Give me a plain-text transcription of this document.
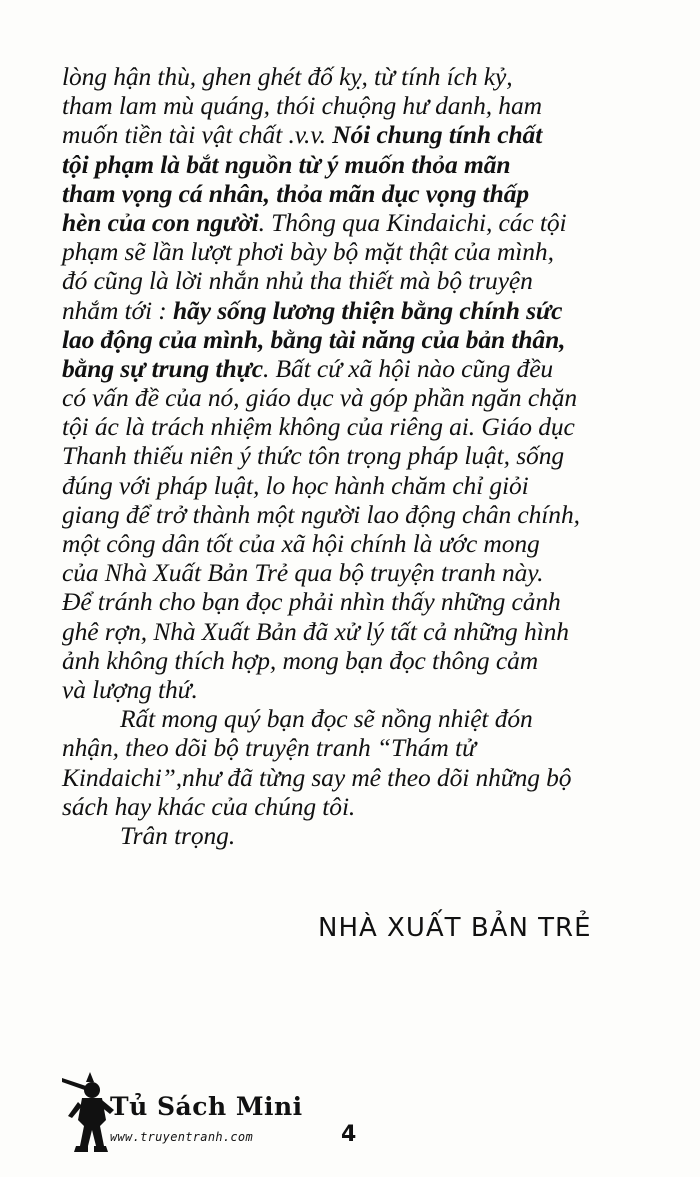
lòng hận thù, ghen ghét đố kỵ, từ tính ích kỷ,
tham lam mù quáng, thói chuộng hư danh, ham
muốn tiền tài vật chất .v.v. Nói chung tính chất
tội phạm là bắt nguồn từ ý muốn thỏa mãn
tham vọng cá nhân, thỏa mãn dục vọng thấp
hèn của con người. Thông qua Kindaichi, các tội
phạm sẽ lần lượt phơi bày bộ mặt thật của mình,
đó cũng là lời nhắn nhủ tha thiết mà bộ truyện
nhắm tới : hãy sống lương thiện bằng chính sức
lao động của mình, bằng tài năng của bản thân,
bằng sự trung thực. Bất cứ xã hội nào cũng đều
có vấn đề của nó, giáo dục và góp phần ngăn chặn
tội ác là trách nhiệm không của riêng ai. Giáo dục
Thanh thiếu niên ý thức tôn trọng pháp luật, sống
đúng với pháp luật, lo học hành chăm chỉ giỏi
giang để trở thành một người lao động chân chính,
một công dân tốt của xã hội chính là ước mong
của Nhà Xuất Bản Trẻ qua bộ truyện tranh này.
Để tránh cho bạn đọc phải nhìn thấy những cảnh
ghê rợn, Nhà Xuất Bản đã xử lý tất cả những hình
ảnh không thích hợp, mong bạn đọc thông cảm
và lượng thứ.
Rất mong quý bạn đọc sẽ nồng nhiệt đón
nhận, theo dõi bộ truyện tranh “Thám tử
Kindaichi”,như đã từng say mê theo dõi những bộ
sách hay khác của chúng tôi.
Trân trọng.
NHÀ XUẤT BẢN TRẺ
Tủ Sách Mini
www.truyentranh.com	4
